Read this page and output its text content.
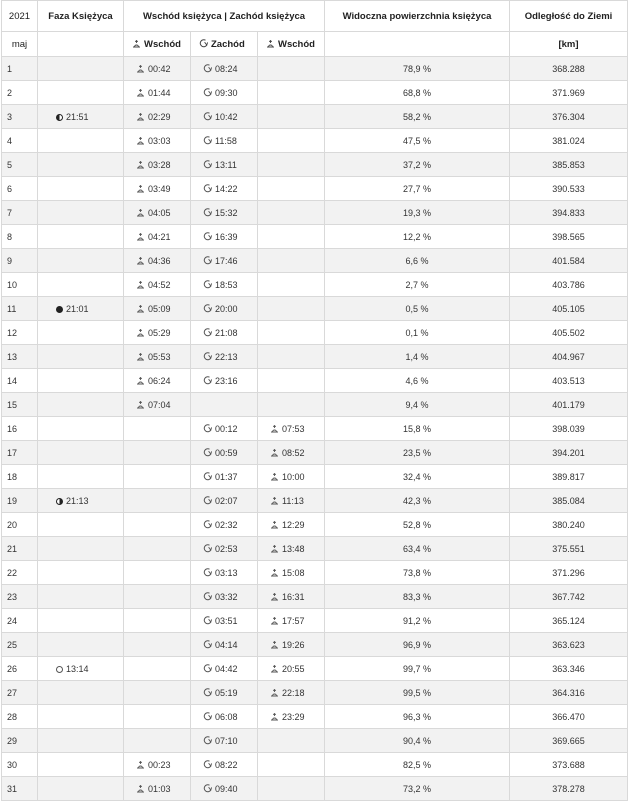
2021	Faza Księżyca	Wschód księżyca | Zachód księżyca			Widoczna powierzchnia księżyca	Odległość do Ziemi
maj		Wschód	Zachód	Wschód		[km]
1		00:42	08:24		78,9 %	368.288
2		01:44	09:30		68,8 %	371.969
3	21:51	02:29	10:42		58,2 %	376.304
4		03:03	11:58		47,5 %	381.024
5		03:28	13:11		37,2 %	385.853
6		03:49	14:22		27,7 %	390.533
7		04:05	15:32		19,3 %	394.833
8		04:21	16:39		12,2 %	398.565
9		04:36	17:46		6,6 %	401.584
10		04:52	18:53		2,7 %	403.786
11	21:01	05:09	20:00		0,5 %	405.105
12		05:29	21:08		0,1 %	405.502
13		05:53	22:13		1,4 %	404.967
14		06:24	23:16		4,6 %	403.513
15		07:04			9,4 %	401.179
16			00:12	07:53	15,8 %	398.039
17			00:59	08:52	23,5 %	394.201
18			01:37	10:00	32,4 %	389.817
19	21:13		02:07	11:13	42,3 %	385.084
20			02:32	12:29	52,8 %	380.240
21			02:53	13:48	63,4 %	375.551
22			03:13	15:08	73,8 %	371.296
23			03:32	16:31	83,3 %	367.742
24			03:51	17:57	91,2 %	365.124
25			04:14	19:26	96,9 %	363.623
26	13:14		04:42	20:55	99,7 %	363.346
27			05:19	22:18	99,5 %	364.316
28			06:08	23:29	96,3 %	366.470
29			07:10		90,4 %	369.665
30		00:23	08:22		82,5 %	373.688
31		01:03	09:40		73,2 %	378.278
